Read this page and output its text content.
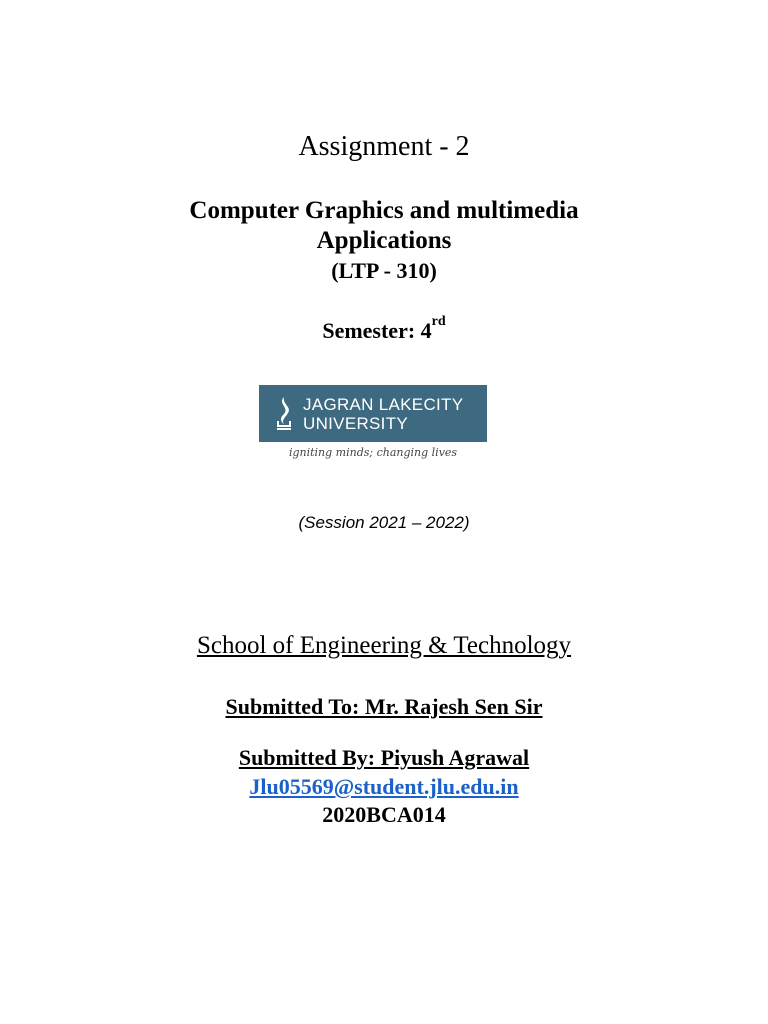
Assignment - 2
Computer Graphics and multimedia
Applications
(LTP - 310)
Semester: 4rd
JAGRAN LAKECITY
UNIVERSITY
igniting minds; changing lives
(Session 2021 – 2022)
School of Engineering & Technology
Submitted To: Mr. Rajesh Sen Sir
Submitted By: Piyush Agrawal
Jlu05569@student.jlu.edu.in
2020BCA014
